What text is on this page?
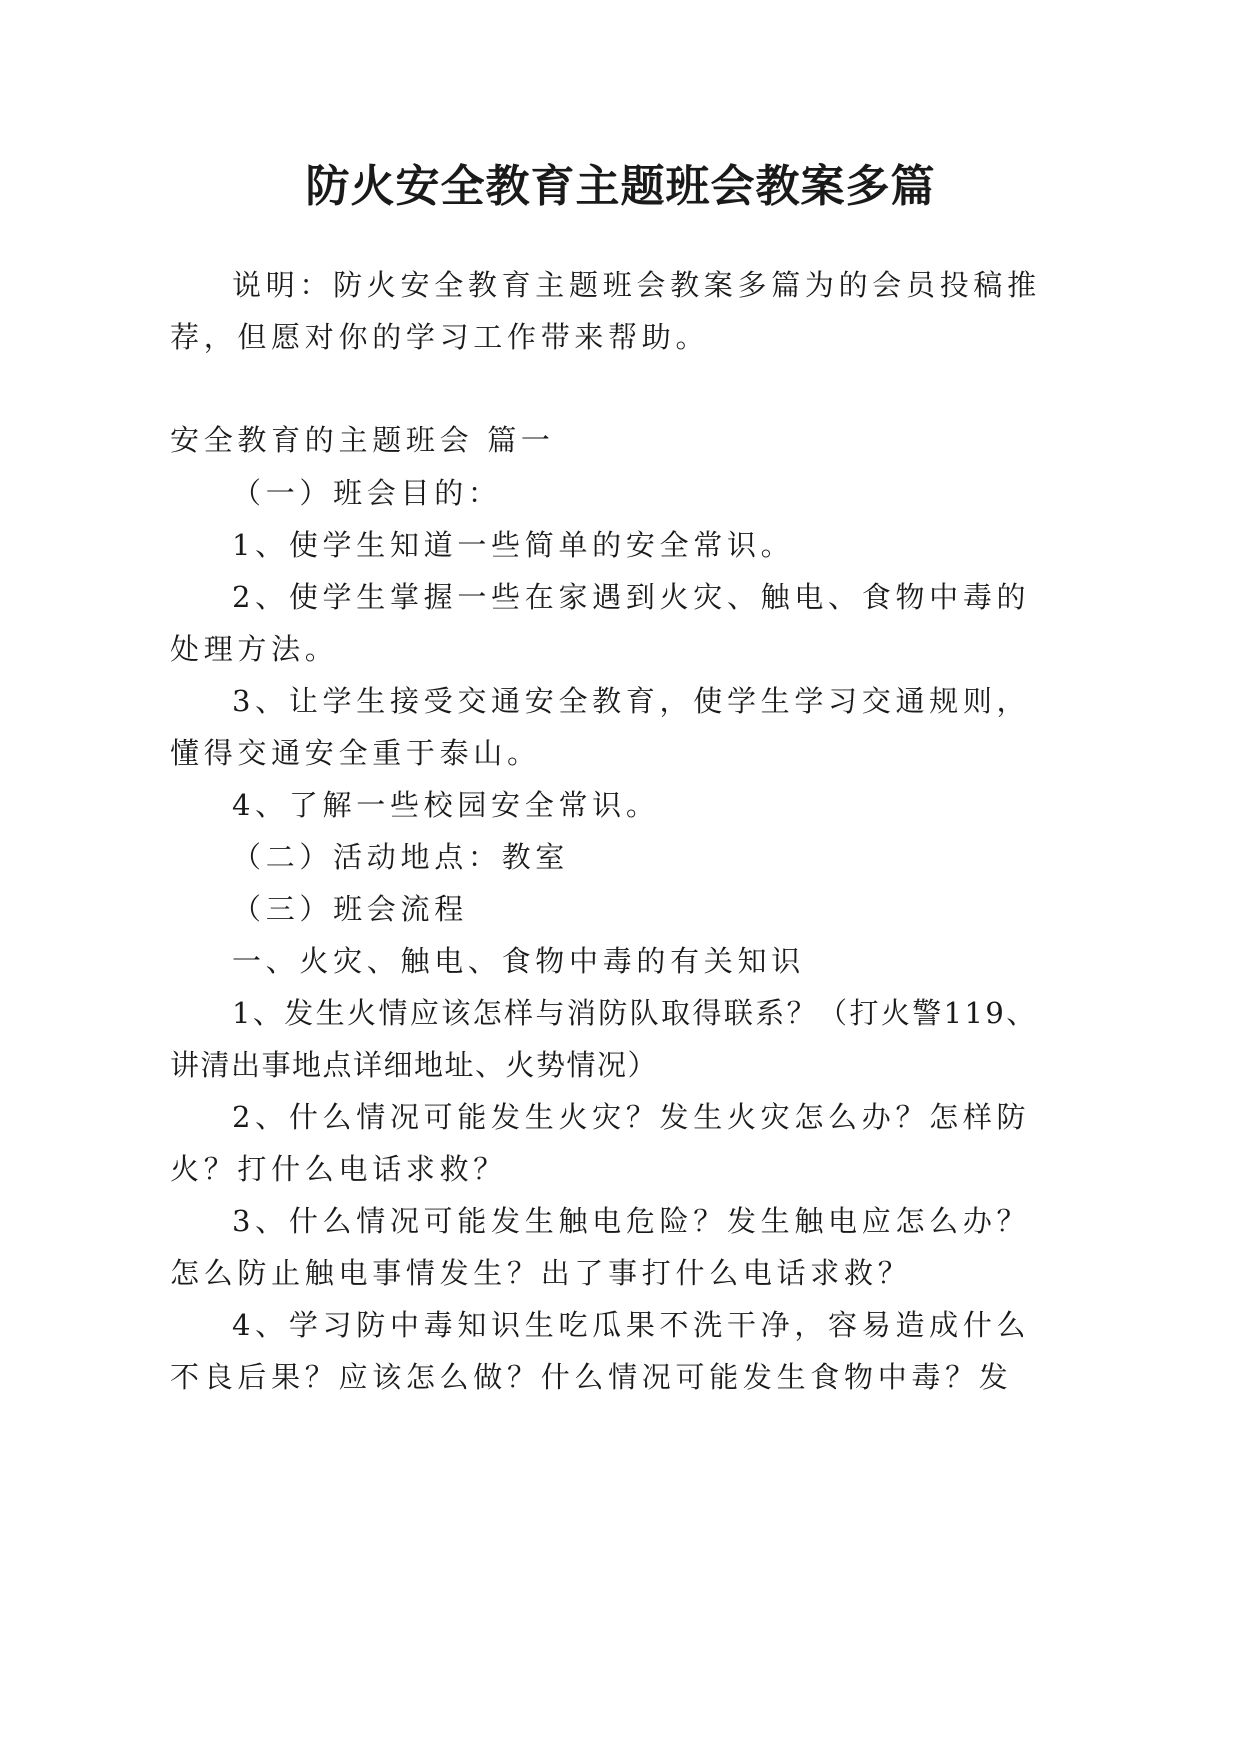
防火安全教育主题班会教案多篇
说明：防火安全教育主题班会教案多篇为的会员投稿推
荐，但愿对你的学习工作带来帮助。
安全教育的主题班会 篇一
（一）班会目的：
1、使学生知道一些简单的安全常识。
2、使学生掌握一些在家遇到火灾、触电、食物中毒的
处理方法。
3、让学生接受交通安全教育，使学生学习交通规则，
懂得交通安全重于泰山。
4、了解一些校园安全常识。
（二）活动地点：教室
（三）班会流程
一、火灾、触电、食物中毒的有关知识
1、发生火情应该怎样与消防队取得联系？（打火警119、
讲清出事地点详细地址、火势情况）
2、什么情况可能发生火灾？发生火灾怎么办？怎样防
火？打什么电话求救？
3、什么情况可能发生触电危险？发生触电应怎么办？
怎么防止触电事情发生？出了事打什么电话求救？
4、学习防中毒知识生吃瓜果不洗干净，容易造成什么
不良后果？应该怎么做？什么情况可能发生食物中毒？发
